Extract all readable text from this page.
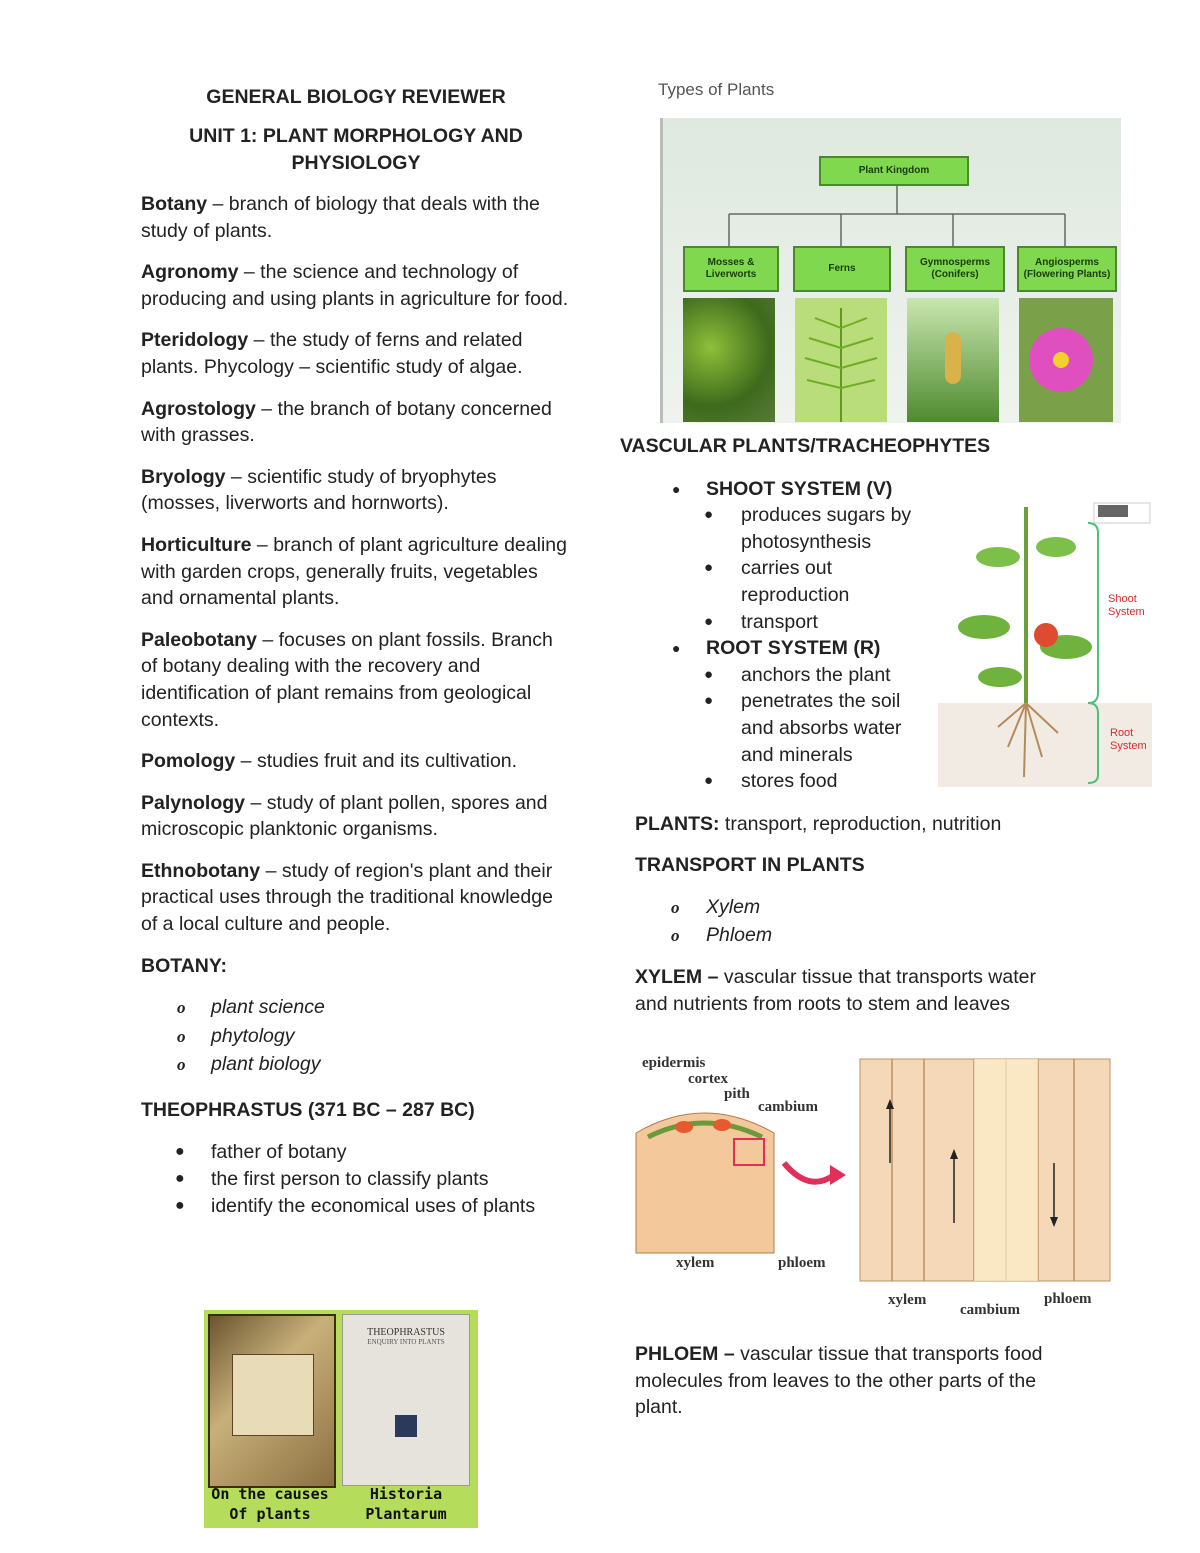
GENERAL BIOLOGY REVIEWER
UNIT 1: PLANT MORPHOLOGY AND PHYSIOLOGY
Botany – branch of biology that deals with the study of plants.
Agronomy – the science and technology of producing and using plants in agriculture for food.
Pteridology – the study of ferns and related plants. Phycology – scientific study of algae.
Agrostology – the branch of botany concerned with grasses.
Bryology – scientific study of bryophytes (mosses, liverworts and hornworts).
Horticulture – branch of plant agriculture dealing with garden crops, generally fruits, vegetables and ornamental plants.
Paleobotany – focuses on plant fossils. Branch of botany dealing with the recovery and identification of plant remains from geological contexts.
Pomology – studies fruit and its cultivation.
Palynology – study of plant pollen, spores and microscopic planktonic organisms.
Ethnobotany – study of region's plant and their practical uses through the traditional knowledge of a local culture and people.
BOTANY:
o plant science
o phytology
o plant biology
THEOPHRASTUS (371 BC – 287 BC)
● father of botany
● the first person to classify plants
● identify the economical uses of plants
THEOPHRASTUS
ENQUIRY INTO PLANTS
On the causes Of plants
Historia Plantarum
Types of Plants
Plant Kingdom
Mosses & Liverworts
Ferns
Gymnosperms (Conifers)
Angiosperms (Flowering Plants)
VASCULAR PLANTS/TRACHEOPHYTES
● SHOOT SYSTEM (V)
● produces sugars by photosynthesis
● carries out reproduction
● transport
● ROOT SYSTEM (R)
● anchors the plant
● penetrates the soil and absorbs water and minerals
● stores food
PLANTS: transport, reproduction, nutrition
TRANSPORT IN PLANTS
o Xylem
o Phloem
XYLEM – vascular tissue that transports water and nutrients from roots to stem and leaves
Shoot System
Root System
epidermis
cortex
pith
cambium
xylem	phloem
xylem
cambium
phloem
PHLOEM – vascular tissue that transports food molecules from leaves to the other parts of the plant.
